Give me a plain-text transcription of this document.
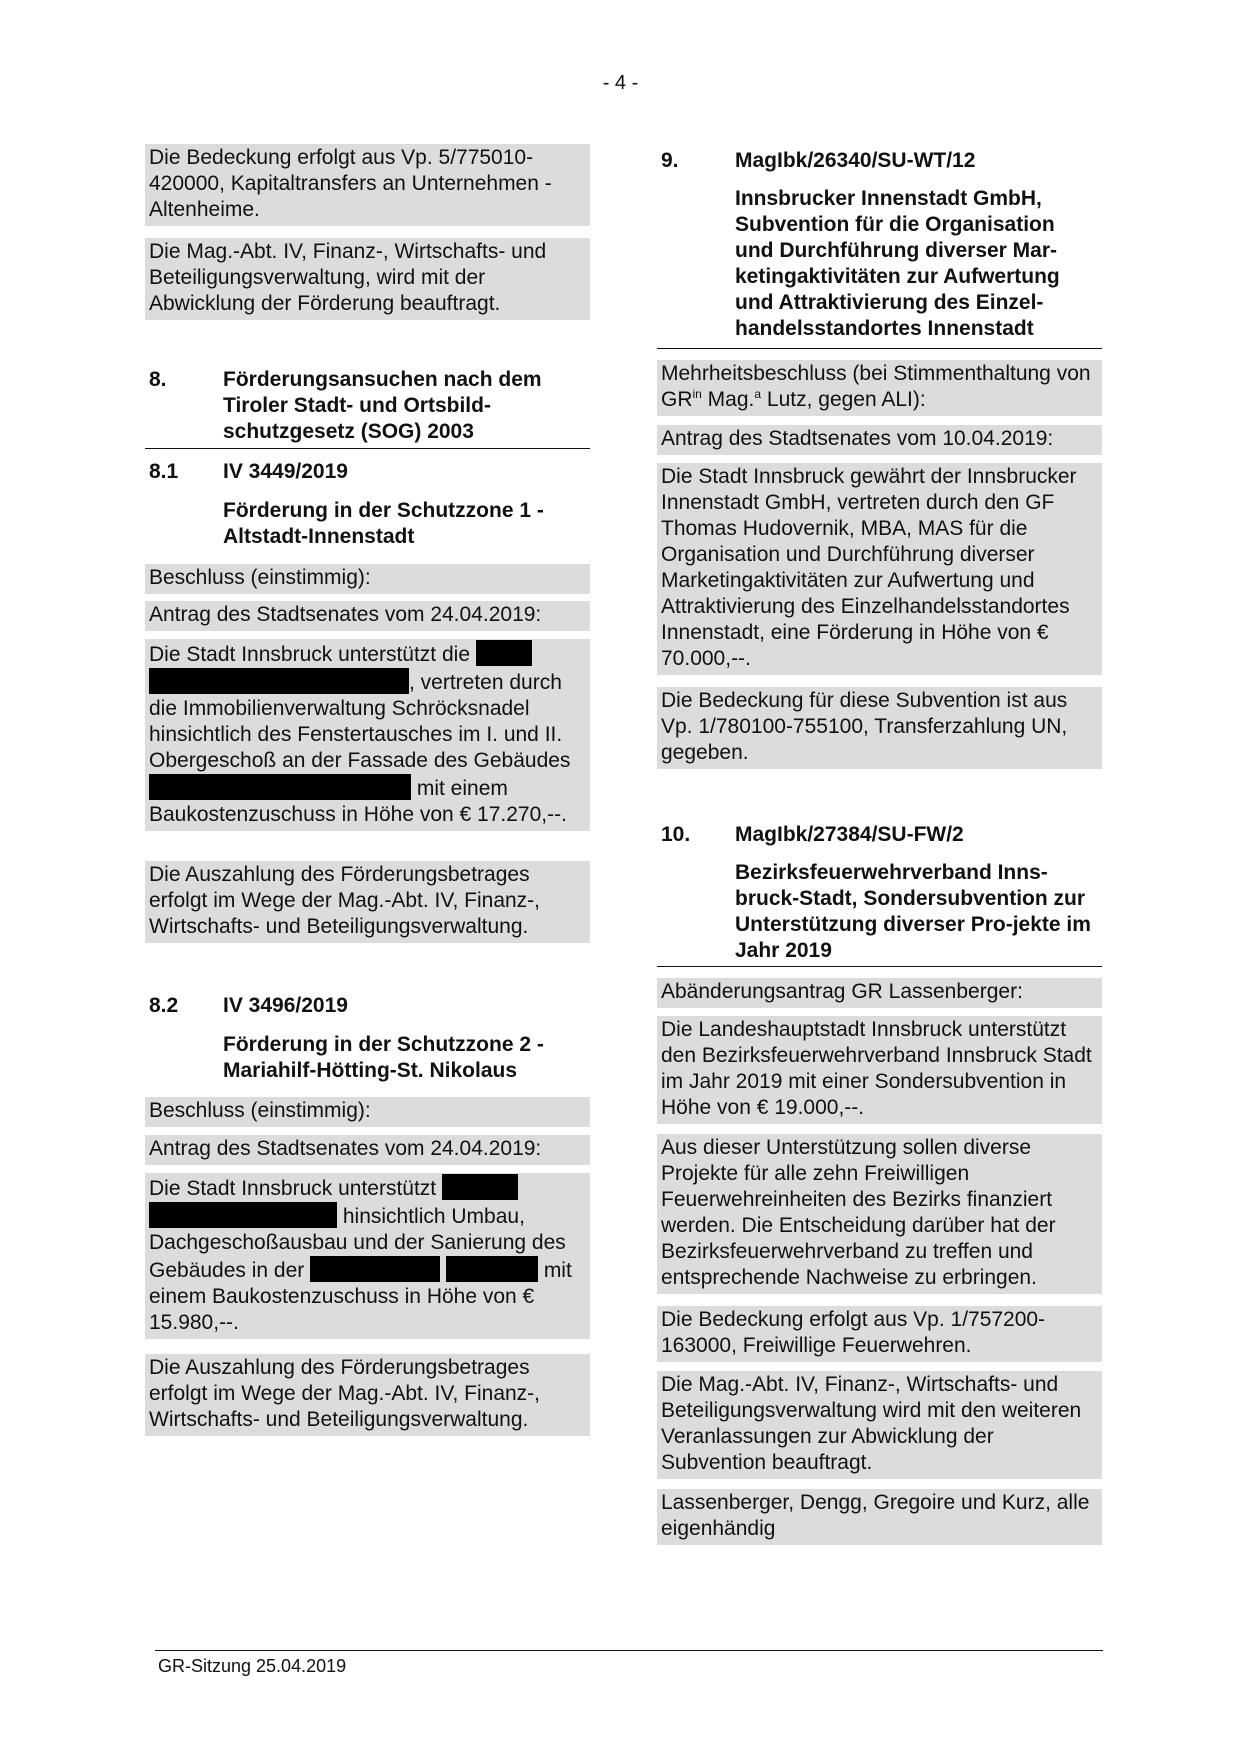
- 4 -
Die Bedeckung erfolgt aus Vp. 5/775010-420000, Kapitaltransfers an Unternehmen - Altenheime.
Die Mag.-Abt. IV, Finanz-, Wirtschafts- und Beteiligungsverwaltung, wird mit der Abwicklung der Förderung beauftragt.
8.	Förderungsansuchen nach dem Tiroler Stadt- und Ortsbild-schutzgesetz (SOG) 2003
8.1 IV 3449/2019
Förderung in der Schutzzone 1 - Altstadt-Innenstadt
Beschluss (einstimmig):
Antrag des Stadtsenates vom 24.04.2019:
Die Stadt Innsbruck unterstützt die  , vertreten durch die Immobilienverwaltung Schröcksnadel hinsichtlich des Fenstertausches im I. und II. Obergeschoß an der Fassade des Gebäudes  mit einem Baukostenzuschuss in Höhe von € 17.270,--.
Die Auszahlung des Förderungsbetrages erfolgt im Wege der Mag.-Abt. IV, Finanz-, Wirtschafts- und Beteiligungsverwaltung.
8.2 IV 3496/2019
Förderung in der Schutzzone 2 - Mariahilf-Hötting-St. Nikolaus
Beschluss (einstimmig):
Antrag des Stadtsenates vom 24.04.2019:
Die Stadt Innsbruck unterstützt   hinsichtlich Umbau, Dachgeschoßausbau und der Sanierung des Gebäudes in der	mit einem Baukostenzuschuss in Höhe von € 15.980,--.
Die Auszahlung des Förderungsbetrages erfolgt im Wege der Mag.-Abt. IV, Finanz-, Wirtschafts- und Beteiligungsverwaltung.
9.	MagIbk/26340/SU-WT/12
Innsbrucker Innenstadt GmbH, Subvention für die Organisation und Durchführung diverser Mar-ketingaktivitäten zur Aufwertung und Attraktivierung des Einzel-handelsstandortes Innenstadt
Mehrheitsbeschluss (bei Stimmenthaltung von $GR^{in}$ Mag.$^a$ Lutz, gegen ALI):
Antrag des Stadtsenates vom 10.04.2019:
Die Stadt Innsbruck gewährt der Innsbrucker Innenstadt GmbH, vertreten durch den GF Thomas Hudovernik, MBA, MAS für die Organisation und Durchführung diverser Marketingaktivitäten zur Aufwertung und Attraktivierung des Einzelhandelsstandortes Innenstadt, eine Förderung in Höhe von € 70.000,--.
Die Bedeckung für diese Subvention ist aus Vp. 1/780100-755100, Transferzahlung UN, gegeben.
10. MagIbk/27384/SU-FW/2
Bezirksfeuerwehrverband Inns-bruck-Stadt, Sondersubvention zur Unterstützung diverser Pro-jekte im Jahr 2019
Abänderungsantrag GR Lassenberger:
Die Landeshauptstadt Innsbruck unterstützt den Bezirksfeuerwehrverband Innsbruck Stadt im Jahr 2019 mit einer Sondersubvention in Höhe von € 19.000,--.
Aus dieser Unterstützung sollen diverse Projekte für alle zehn Freiwilligen Feuerwehreinheiten des Bezirks finanziert werden. Die Entscheidung darüber hat der Bezirksfeuerwehrverband zu treffen und entsprechende Nachweise zu erbringen.
Die Bedeckung erfolgt aus Vp. 1/757200-163000, Freiwillige Feuerwehren.
Die Mag.-Abt. IV, Finanz-, Wirtschafts- und Beteiligungsverwaltung wird mit den weiteren Veranlassungen zur Abwicklung der Subvention beauftragt.
Lassenberger, Dengg, Gregoire und Kurz, alle eigenhändig
GR-Sitzung 25.04.2019
